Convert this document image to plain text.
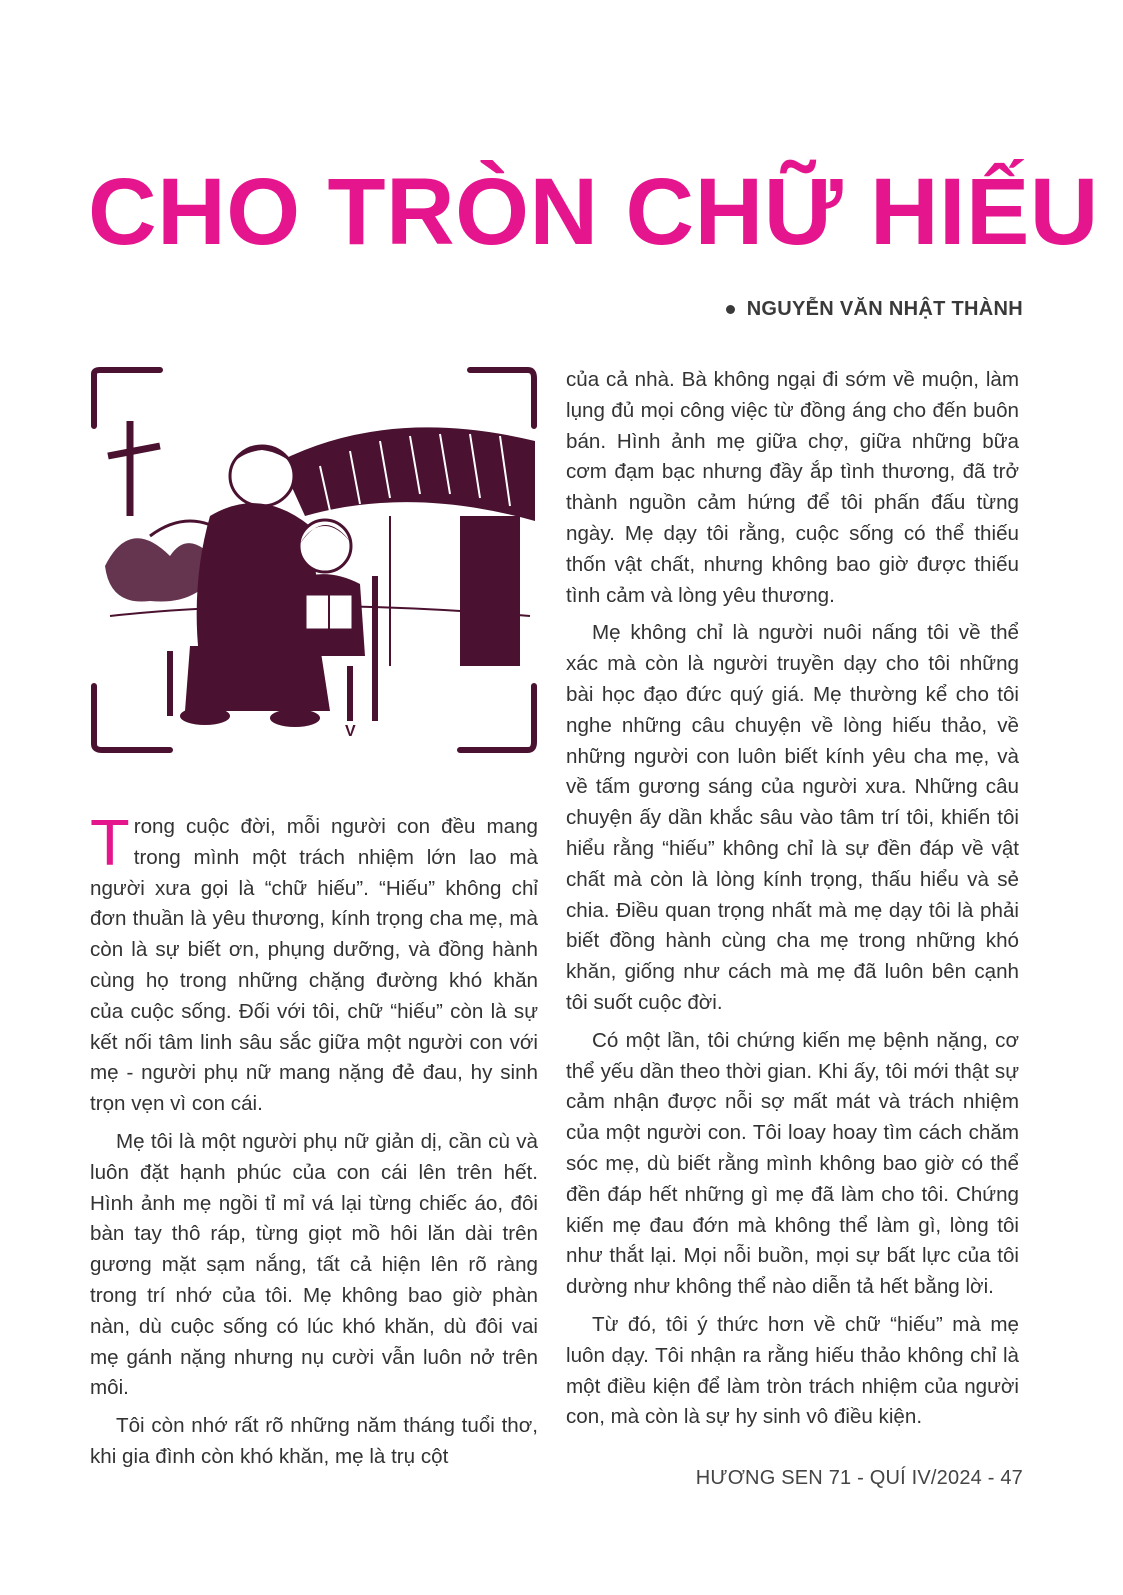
CHO TRÒN CHỮ HIẾU
NGUYỄN VĂN NHẬT THÀNH
V

Trong cuộc đời, mỗi người con đều mang trong mình một trách nhiệm lớn lao mà người xưa gọi là “chữ hiếu”. “Hiếu” không chỉ đơn thuần là yêu thương, kính trọng cha mẹ, mà còn là sự biết ơn, phụng dưỡng, và đồng hành cùng họ trong những chặng đường khó khăn của cuộc sống. Đối với tôi, chữ “hiếu” còn là sự kết nối tâm linh sâu sắc giữa một người con với mẹ - người phụ nữ mang nặng đẻ đau, hy sinh trọn vẹn vì con cái.

Mẹ tôi là một người phụ nữ giản dị, cần cù và luôn đặt hạnh phúc của con cái lên trên hết. Hình ảnh mẹ ngồi tỉ mỉ vá lại từng chiếc áo, đôi bàn tay thô ráp, từng giọt mồ hôi lăn dài trên gương mặt sạm nắng, tất cả hiện lên rõ ràng trong trí nhớ của tôi. Mẹ không bao giờ phàn nàn, dù cuộc sống có lúc khó khăn, dù đôi vai mẹ gánh nặng nhưng nụ cười vẫn luôn nở trên môi.

Tôi còn nhớ rất rõ những năm tháng tuổi thơ, khi gia đình còn khó khăn, mẹ là trụ cột

của cả nhà. Bà không ngại đi sớm về muộn, làm lụng đủ mọi công việc từ đồng áng cho đến buôn bán. Hình ảnh mẹ giữa chợ, giữa những bữa cơm đạm bạc nhưng đầy ắp tình thương, đã trở thành nguồn cảm hứng để tôi phấn đấu từng ngày. Mẹ dạy tôi rằng, cuộc sống có thể thiếu thốn vật chất, nhưng không bao giờ được thiếu tình cảm và lòng yêu thương.

Mẹ không chỉ là người nuôi nấng tôi về thể xác mà còn là người truyền dạy cho tôi những bài học đạo đức quý giá. Mẹ thường kể cho tôi nghe những câu chuyện về lòng hiếu thảo, về những người con luôn biết kính yêu cha mẹ, và về tấm gương sáng của người xưa. Những câu chuyện ấy dần khắc sâu vào tâm trí tôi, khiến tôi hiểu rằng “hiếu” không chỉ là sự đền đáp về vật chất mà còn là lòng kính trọng, thấu hiểu và sẻ chia. Điều quan trọng nhất mà mẹ dạy tôi là phải biết đồng hành cùng cha mẹ trong những khó khăn, giống như cách mà mẹ đã luôn bên cạnh tôi suốt cuộc đời.

Có một lần, tôi chứng kiến mẹ bệnh nặng, cơ thể yếu dần theo thời gian. Khi ấy, tôi mới thật sự cảm nhận được nỗi sợ mất mát và trách nhiệm của một người con. Tôi loay hoay tìm cách chăm sóc mẹ, dù biết rằng mình không bao giờ có thể đền đáp hết những gì mẹ đã làm cho tôi. Chứng kiến mẹ đau đớn mà không thể làm gì, lòng tôi như thắt lại. Mọi nỗi buồn, mọi sự bất lực của tôi dường như không thể nào diễn tả hết bằng lời.

Từ đó, tôi ý thức hơn về chữ “hiếu” mà mẹ luôn dạy. Tôi nhận ra rằng hiếu thảo không chỉ là một điều kiện để làm tròn trách nhiệm của người con, mà còn là sự hy sinh vô điều kiện.

HƯƠNG SEN 71 - QUÍ IV/2024 - 47
